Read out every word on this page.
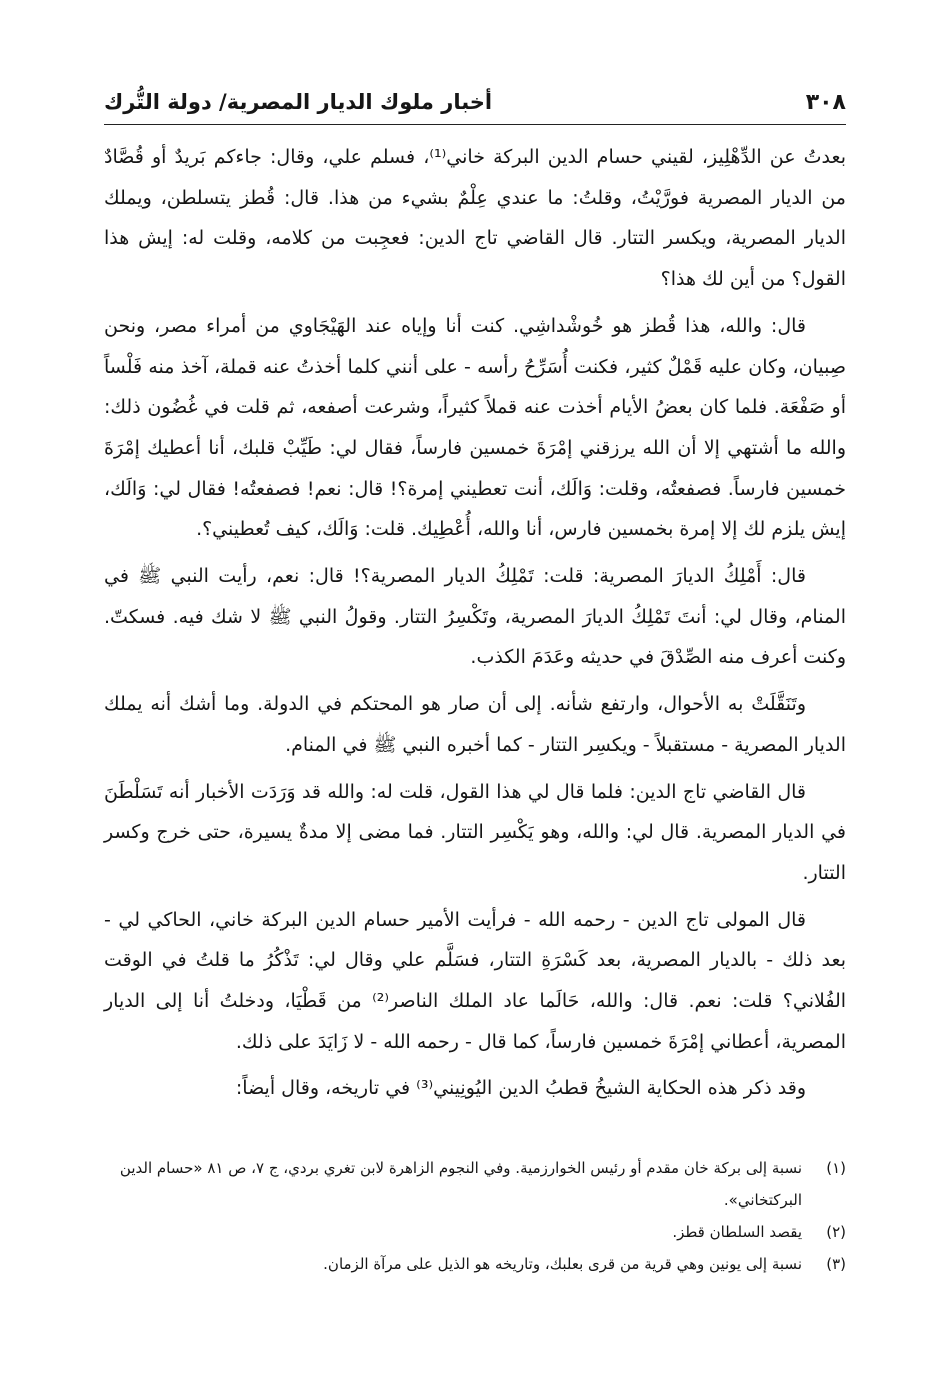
٣٠٨
أخبار ملوك الديار المصرية/ دولة التُّرك

بعدتُ عن الدِّهْلِيز، لقيني حسام الدين البركة خاني⁽¹⁾، فسلم علي، وقال: جاءكم بَريدٌ أو قُصَّادٌ من الديار المصرية فورَّيْتُ، وقلتُ: ما عندي عِلْمٌ بشيء من هذا. قال: قُطز يتسلطن، ويملك الديار المصرية، ويكسر التتار. قال القاضي تاج الدين: فعجِبت من كلامه، وقلت له: إيش هذا القول؟ من أين لك هذا؟

قال: والله، هذا قُطز هو خُوشْداشِي. كنت أنا وإياه عند الهَيْجَاوي من أمراء مصر، ونحن صِبيان، وكان عليه قَمْلٌ كثير، فكنت أُسَرِّحُ رأسه - على أنني كلما أخذتُ عنه قملة، آخذ منه فَلْساً أو صَفْعَة. فلما كان بعضُ الأيام أخذت عنه قملاً كثيراً، وشرعت أصفعه، ثم قلت في غُضُون ذلك: والله ما أشتهي إلا أن الله يرزقني إمْرَةَ خمسين فارساً، فقال لي: طَيِّبْ قلبك، أنا أعطيك إمْرَةَ خمسين فارساً. فصفعتُه، وقلت: وَالَك، أنت تعطيني إمرة؟! قال: نعم! فصفعتُه! فقال لي: وَالَك، إيش يلزم لك إلا إمرة بخمسين فارس، أنا والله، أُعْطِيك. قلت: وَالَك، كيف تُعطيني؟.

قال: أَمْلِكُ الديارَ المصرية: قلت: تَمْلِكُ الديار المصرية؟! قال: نعم، رأيت النبي ﷺ في المنام، وقال لي: أنتَ تَمْلِكُ الديارَ المصرية، وتَكْسِرُ التتار. وقولُ النبي ﷺ لا شك فيه. فسكتّ. وكنت أعرف منه الصِّدْقَ في حديثه وعَدَمَ الكذب.

وتَنَقَّلَتْ به الأحوال، وارتفع شأنه. إلى أن صار هو المحتكم في الدولة. وما أشك أنه يملك الديار المصرية - مستقبلاً - ويكسِر التتار - كما أخبره النبي ﷺ في المنام.

قال القاضي تاج الدين: فلما قال لي هذا القول، قلت له: والله قد وَرَدَت الأخبار أنه تَسَلْطَنَ في الديار المصرية. قال لي: والله، وهو يَكْسِر التتار. فما مضى إلا مدةٌ يسيرة، حتى خرج وكسر التتار.

قال المولى تاج الدين - رحمه الله - فرأيت الأمير حسام الدين البركة خاني، الحاكي لي - بعد ذلك - بالديار المصرية، بعد كَسْرَةِ التتار، فسَلَّم علي وقال لي: تَذْكُرُ ما قلتُ في الوقت الفُلاني؟ قلت: نعم. قال: والله، حَالَما عاد الملك الناصر⁽²⁾ من قَطْيَا، ودخلتُ أنا إلى الديار المصرية، أعطاني إمْرَةَ خمسين فارساً، كما قال - رحمه الله - لا زَايَدَ على ذلك.

وقد ذكر هذه الحكاية الشيخُ قطبُ الدين اليُونِيني⁽³⁾ في تاريخه، وقال أيضاً:

(١)
نسبة إلى بركة خان مقدم أو رئيس الخوارزمية. وفي النجوم الزاهرة لابن تغري بردي، ج ٧، ص ٨١ «حسام الدين البركتخاني».
(٢)
يقصد السلطان قطز.
(٣)
نسبة إلى يونين وهي قرية من قرى بعلبك، وتاريخه هو الذيل على مرآة الزمان.
